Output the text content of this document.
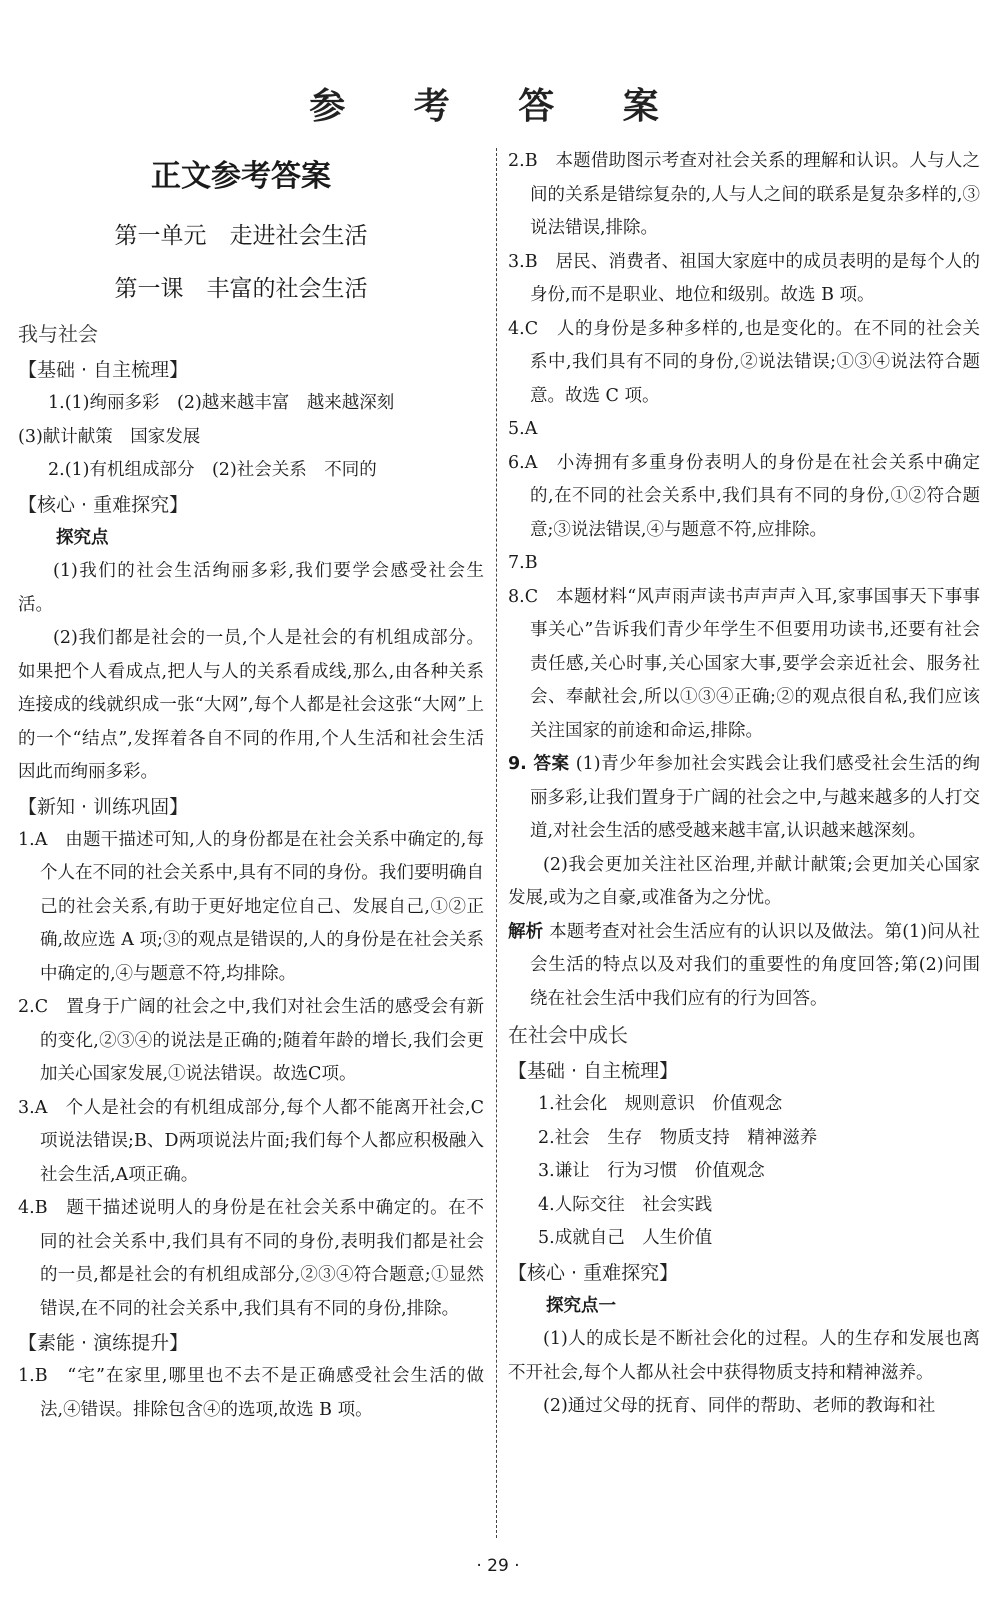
参 考 答 案
正文参考答案
第一单元　走进社会生活
第一课　丰富的社会生活
我与社会
【基础 · 自主梳理】
1.(1)绚丽多彩　(2)越来越丰富　越来越深刻
(3)献计献策　国家发展
2.(1)有机组成部分　(2)社会关系　不同的
【核心 · 重难探究】
探究点
(1)我们的社会生活绚丽多彩,我们要学会感受社会生活。
(2)我们都是社会的一员,个人是社会的有机组成部分。如果把个人看成点,把人与人的关系看成线,那么,由各种关系连接成的线就织成一张“大网”,每个人都是社会这张“大网”上的一个“结点”,发挥着各自不同的作用,个人生活和社会生活因此而绚丽多彩。
【新知 · 训练巩固】
1.A　由题干描述可知,人的身份都是在社会关系中确定的,每个人在不同的社会关系中,具有不同的身份。我们要明确自己的社会关系,有助于更好地定位自己、发展自己,①②正确,故应选 A 项;③的观点是错误的,人的身份是在社会关系中确定的,④与题意不符,均排除。
2.C　置身于广阔的社会之中,我们对社会生活的感受会有新的变化,②③④的说法是正确的;随着年龄的增长,我们会更加关心国家发展,①说法错误。故选C项。
3.A　个人是社会的有机组成部分,每个人都不能离开社会,C项说法错误;B、D两项说法片面;我们每个人都应积极融入社会生活,A项正确。
4.B　题干描述说明人的身份是在社会关系中确定的。在不同的社会关系中,我们具有不同的身份,表明我们都是社会的一员,都是社会的有机组成部分,②③④符合题意;①显然错误,在不同的社会关系中,我们具有不同的身份,排除。
【素能 · 演练提升】
1.B　“宅”在家里,哪里也不去不是正确感受社会生活的做法,④错误。排除包含④的选项,故选 B 项。
2.B　本题借助图示考查对社会关系的理解和认识。人与人之间的关系是错综复杂的,人与人之间的联系是复杂多样的,③说法错误,排除。
3.B　居民、消费者、祖国大家庭中的成员表明的是每个人的身份,而不是职业、地位和级别。故选 B 项。
4.C　人的身份是多种多样的,也是变化的。在不同的社会关系中,我们具有不同的身份,②说法错误;①③④说法符合题意。故选 C 项。
5.A
6.A　小涛拥有多重身份表明人的身份是在社会关系中确定的,在不同的社会关系中,我们具有不同的身份,①②符合题意;③说法错误,④与题意不符,应排除。
7.B
8.C　本题材料“风声雨声读书声声声入耳,家事国事天下事事事关心”告诉我们青少年学生不但要用功读书,还要有社会责任感,关心时事,关心国家大事,要学会亲近社会、服务社会、奉献社会,所以①③④正确;②的观点很自私,我们应该关注国家的前途和命运,排除。
9. 答案 (1)青少年参加社会实践会让我们感受社会生活的绚丽多彩,让我们置身于广阔的社会之中,与越来越多的人打交道,对社会生活的感受越来越丰富,认识越来越深刻。
(2)我会更加关注社区治理,并献计献策;会更加关心国家发展,或为之自豪,或准备为之分忧。
解析 本题考查对社会生活应有的认识以及做法。第(1)问从社会生活的特点以及对我们的重要性的角度回答;第(2)问围绕在社会生活中我们应有的行为回答。
在社会中成长
【基础 · 自主梳理】
1.社会化　规则意识　价值观念
2.社会　生存　物质支持　精神滋养
3.谦让　行为习惯　价值观念
4.人际交往　社会实践
5.成就自己　人生价值
【核心 · 重难探究】
探究点一
(1)人的成长是不断社会化的过程。人的生存和发展也离不开社会,每个人都从社会中获得物质支持和精神滋养。
(2)通过父母的抚育、同伴的帮助、老师的教诲和社
· 29 ·
